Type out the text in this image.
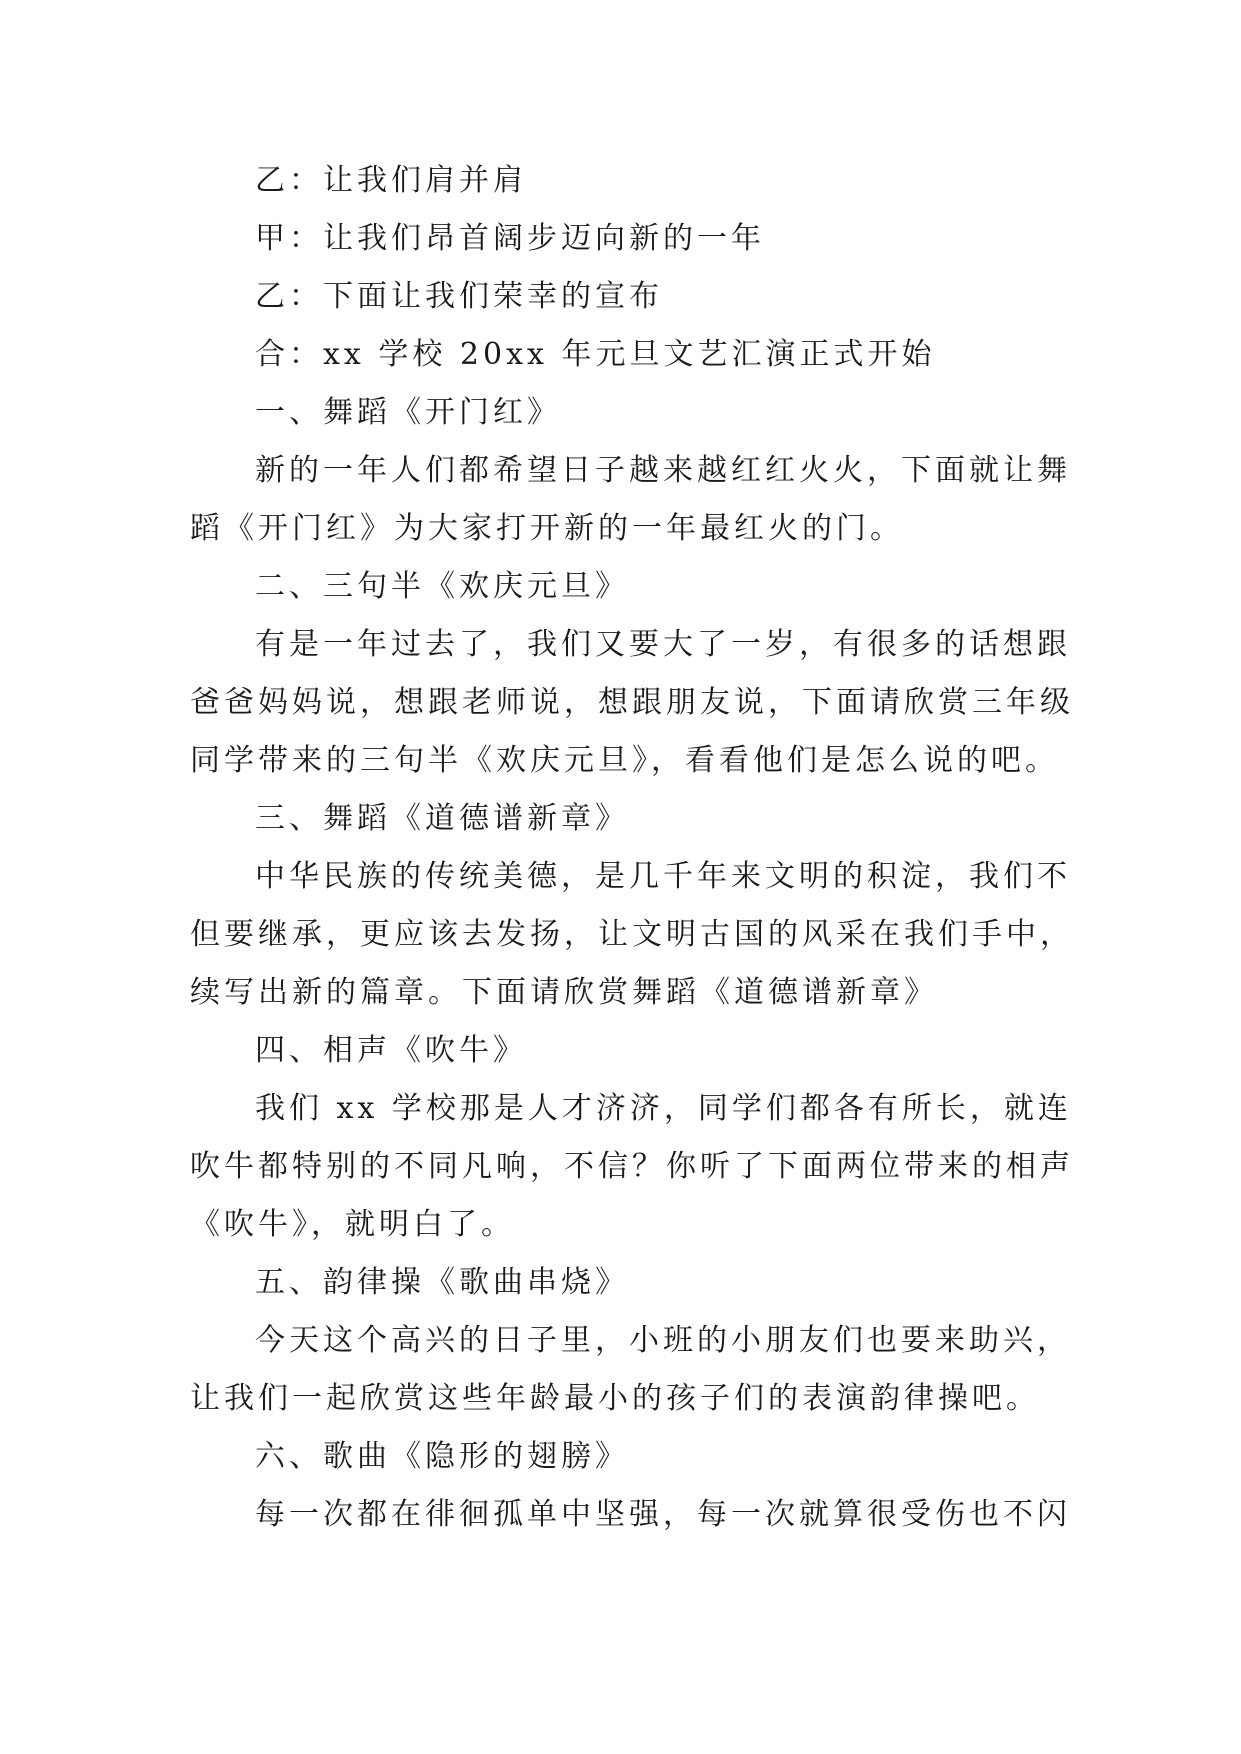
乙：让我们肩并肩
甲：让我们昂首阔步迈向新的一年
乙：下面让我们荣幸的宣布
合：xx 学校 20xx 年元旦文艺汇演正式开始
一、舞蹈《开门红》
新的一年人们都希望日子越来越红红火火，下面就让舞
蹈《开门红》为大家打开新的一年最红火的门。
二、三句半《欢庆元旦》
有是一年过去了，我们又要大了一岁，有很多的话想跟
爸爸妈妈说，想跟老师说，想跟朋友说，下面请欣赏三年级
同学带来的三句半《欢庆元旦》，看看他们是怎么说的吧。
三、舞蹈《道德谱新章》
中华民族的传统美德，是几千年来文明的积淀，我们不
但要继承，更应该去发扬，让文明古国的风采在我们手中，
续写出新的篇章。下面请欣赏舞蹈《道德谱新章》
四、相声《吹牛》
我们 xx 学校那是人才济济，同学们都各有所长，就连
吹牛都特别的不同凡响，不信？你听了下面两位带来的相声
《吹牛》，就明白了。
五、韵律操《歌曲串烧》
今天这个高兴的日子里，小班的小朋友们也要来助兴，
让我们一起欣赏这些年龄最小的孩子们的表演韵律操吧。
六、歌曲《隐形的翅膀》
每一次都在徘徊孤单中坚强，每一次就算很受伤也不闪
